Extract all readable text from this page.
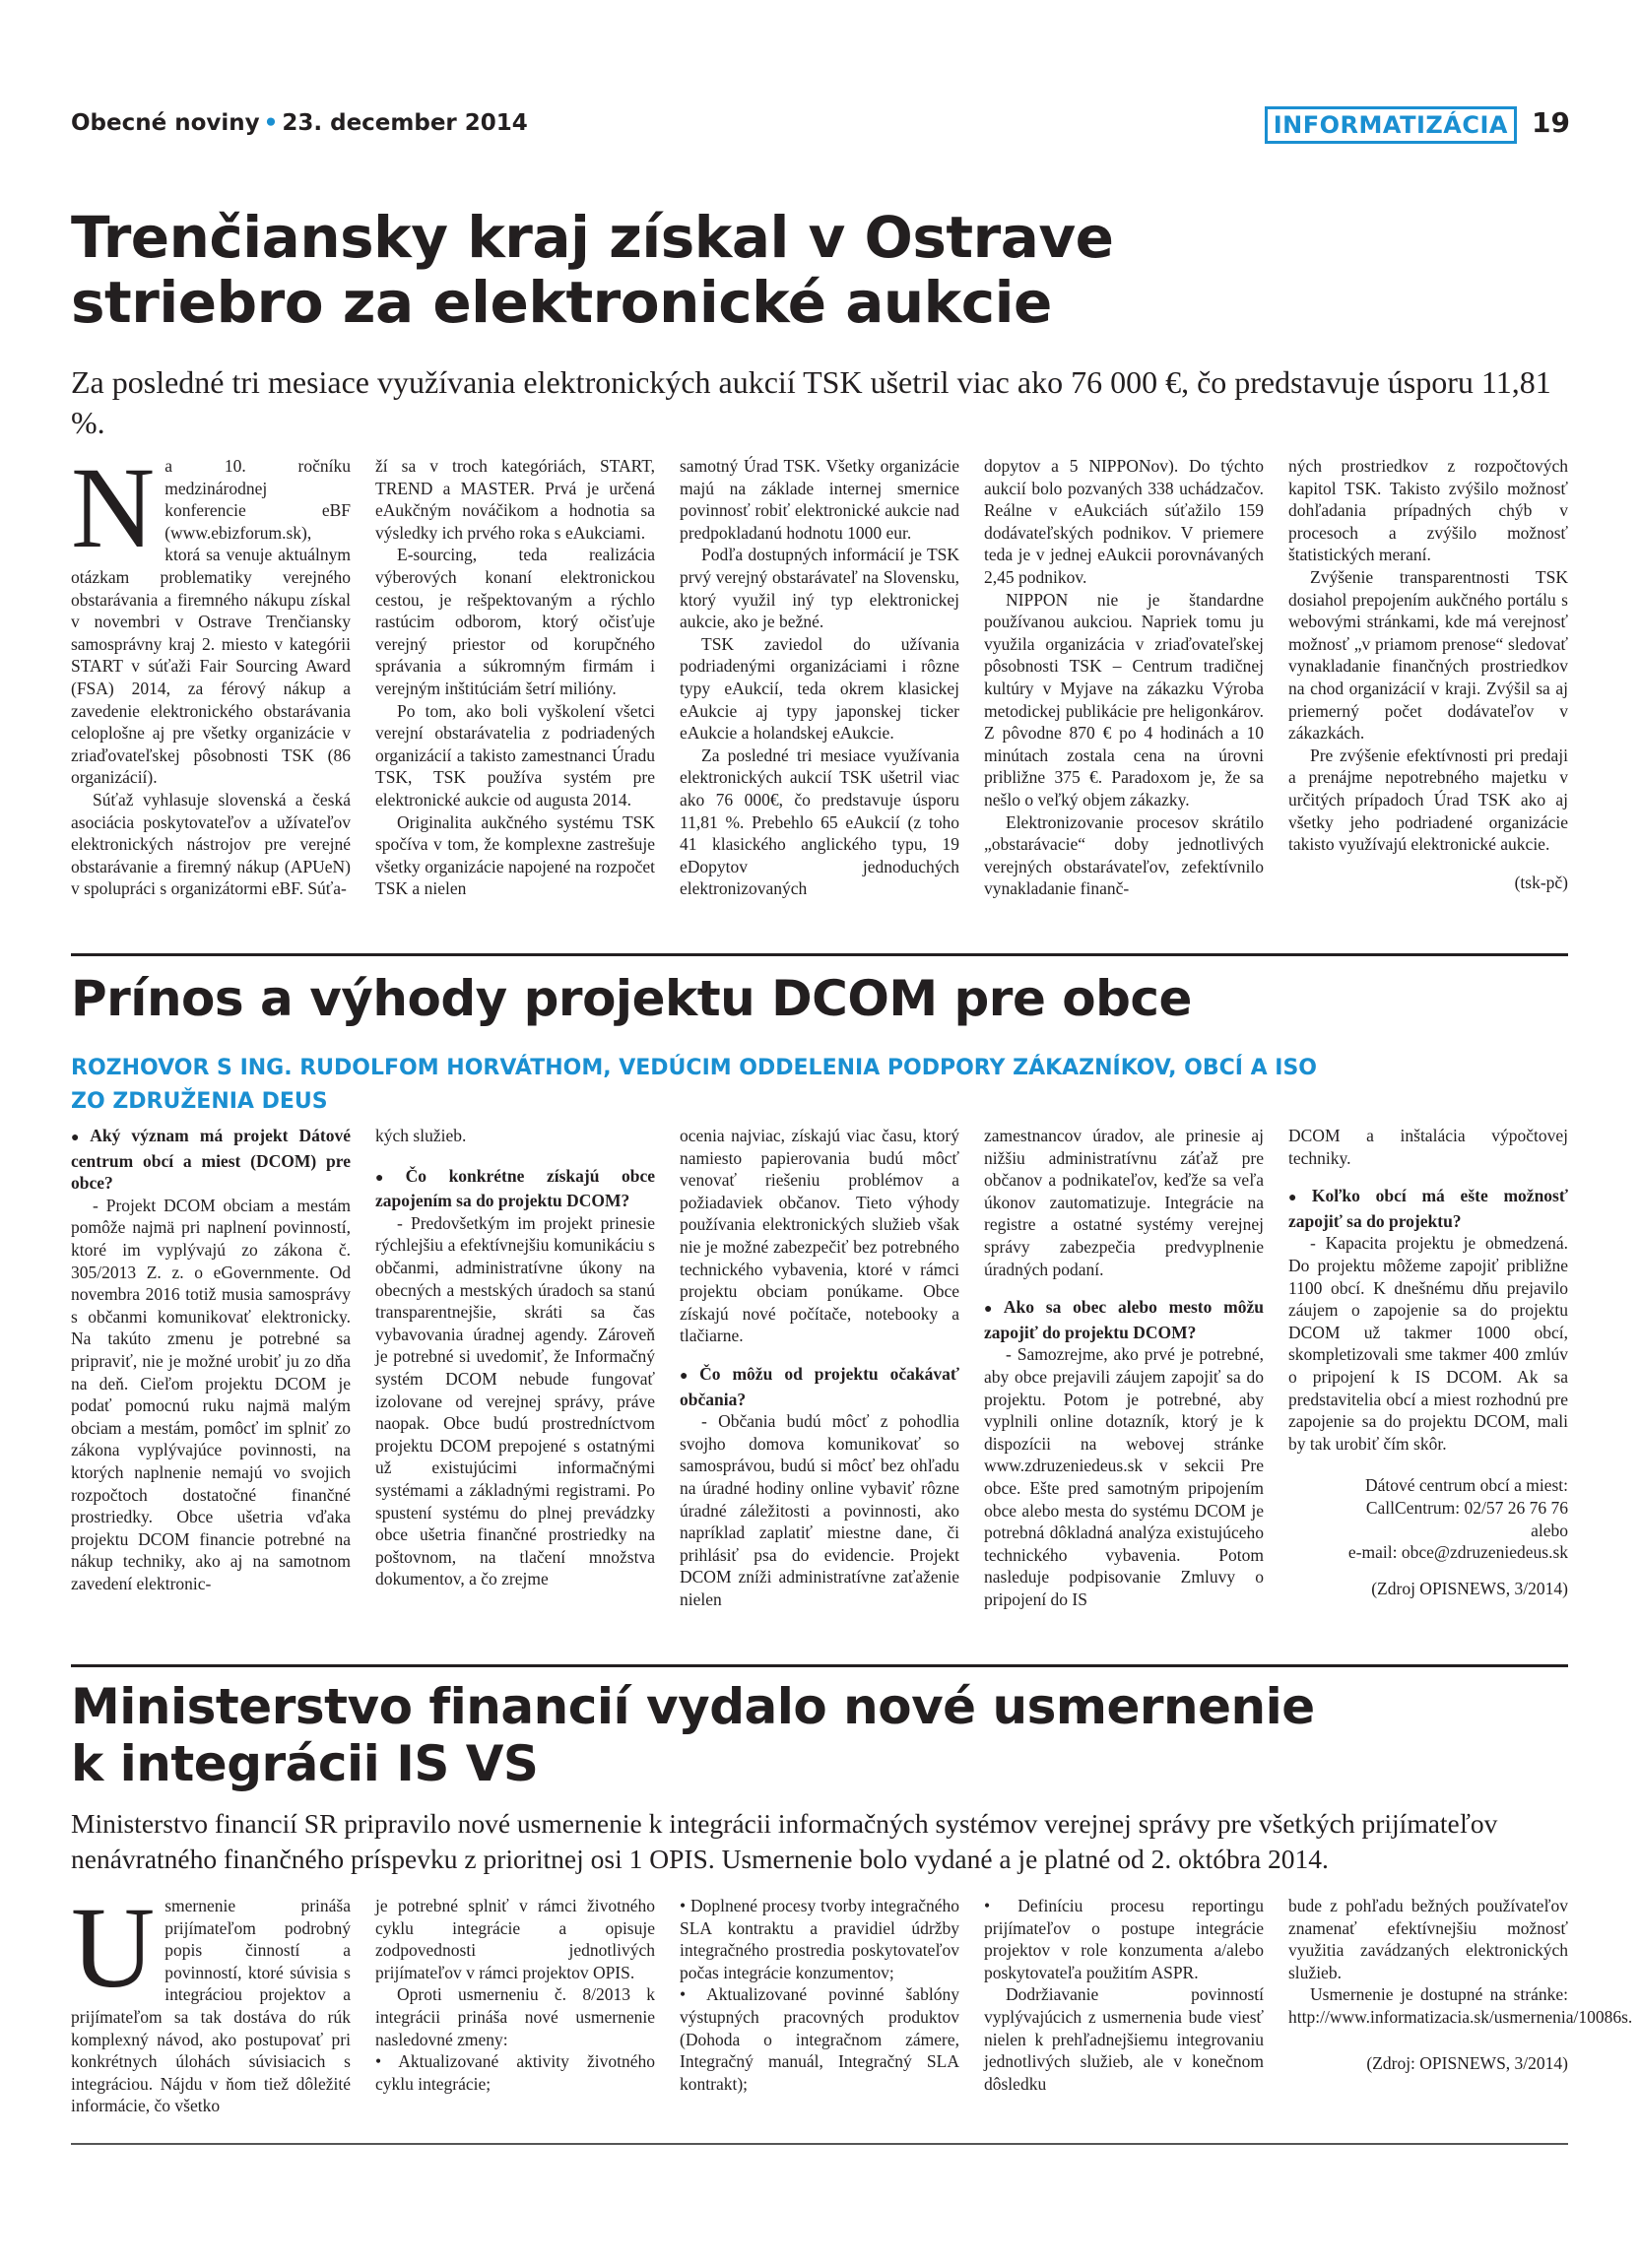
Obecné noviny • 23. december 2014	INFORMATIZÁCIA 19
Trenčiansky kraj získal v Ostrave
striebro za elektronické aukcie

Za posledné tri mesiace využívania elektronických aukcií TSK ušetril viac ako 76 000 €, čo predstavuje úsporu 11,81 %.

N a 10. ročníku medzinárodnej konferencie eBF (www.ebizforum.sk), ktorá sa venuje aktuálnym otázkam problematiky verejného obstarávania a firemného nákupu získal v novembri v Ostrave Trenčiansky samosprávny kraj 2. miesto v kategórii START v súťaži Fair Sourcing Award (FSA) 2014, za férový nákup a zavedenie elektronického obstarávania celoplošne aj pre všetky organizácie v zriaďovateľskej pôsobnosti TSK (86 organizácií).

Súťaž vyhlasuje slovenská a česká asociácia poskytovateľov a užívateľov elektronických nástrojov pre verejné obstarávanie a firemný nákup (APUeN) v spolupráci s organizátormi eBF. Súťa-

ží sa v troch kategóriách, START, TREND a MASTER. Prvá je určená eAukčným nováčikom a hodnotia sa výsledky ich prvého roka s eAukciami.

E-sourcing, teda realizácia výberových konaní elektronickou cestou, je rešpektovaným a rýchlo rastúcim odborom, ktorý očisťuje verejný priestor od korupčného správania a súkromným firmám i verejným inštitúciám šetrí milióny.

Po tom, ako boli vyškolení všetci verejní obstarávatelia z podriadených organizácií a takisto zamestnanci Úradu TSK, TSK používa systém pre elektronické aukcie od augusta 2014.

Originalita aukčného systému TSK spočíva v tom, že komplexne zastrešuje všetky organizácie napojené na rozpočet TSK a nielen

samotný Úrad TSK. Všetky organizácie majú na základe internej smernice povinnosť robiť elektronické aukcie nad predpokladanú hodnotu 1000 eur.

Podľa dostupných informácií je TSK prvý verejný obstarávateľ na Slovensku, ktorý využil iný typ elektronickej aukcie, ako je bežné.

TSK zaviedol do užívania podriadenými organizáciami i rôzne typy eAukcií, teda okrem klasickej eAukcie aj typy japonskej ticker eAukcie a holandskej eAukcie.

Za posledné tri mesiace využívania elektronických aukcií TSK ušetril viac ako 76 000€, čo predstavuje úsporu 11,81 %. Prebehlo 65 eAukcií (z toho 41 klasického anglického typu, 19 eDopytov jednoduchých elektronizovaných

dopytov a 5 NIPPONov). Do týchto aukcií bolo pozvaných 338 uchádzačov. Reálne v eAukciách súťažilo 159 dodávateľských podnikov. V priemere teda je v jednej eAukcii porovnávaných 2,45 podnikov.

NIPPON nie je štandardne používanou aukciou. Napriek tomu ju využila organizácia v zriaďovateľskej pôsobnosti TSK – Centrum tradičnej kultúry v Myjave na zákazku Výroba metodickej publikácie pre heligonkárov. Z pôvodne 870 € po 4 hodinách a 10 minútach zostala cena na úrovni približne 375 €. Paradoxom je, že sa nešlo o veľký objem zákazky.

Elektronizovanie procesov skrátilo „obstarávacie“ doby jednotlivých verejných obstarávateľov, zefektívnilo vynakladanie finanč-

ných prostriedkov z rozpočtových kapitol TSK. Takisto zvýšilo možnosť dohľadania prípadných chýb v procesoch a zvýšilo možnosť štatistických meraní.

Zvýšenie transparentnosti TSK dosiahol prepojením aukčného portálu s webovými stránkami, kde má verejnosť možnosť „v priamom prenose“ sledovať vynakladanie finančných prostriedkov na chod organizácií v kraji. Zvýšil sa aj priemerný počet dodávateľov v zákazkách.

Pre zvýšenie efektívnosti pri predaji a prenájme nepotrebného majetku v určitých prípadoch Úrad TSK ako aj všetky jeho podriadené organizácie takisto využívajú elektronické aukcie.

(tsk-pč)

Prínos a výhody projektu DCOM pre obce

ROZHOVOR S ING. RUDOLFOM HORVÁTHOM, VEDÚCIM ODDELENIA PODPORY ZÁKAZNÍKOV, OBCÍ A ISO
ZO ZDRUŽENIA DEUS

● Aký význam má projekt Dátové centrum obcí a miest (DCOM) pre obce?

- Projekt DCOM obciam a mestám pomôže najmä pri naplnení povinností, ktoré im vyplývajú zo zákona č. 305/2013 Z. z. o eGovernmente. Od novembra 2016 totiž musia samosprávy s občanmi komunikovať elektronicky. Na takúto zmenu je potrebné sa pripraviť, nie je možné urobiť ju zo dňa na deň. Cieľom projektu DCOM je podať pomocnú ruku najmä malým obciam a mestám, pomôcť im splniť zo zákona vyplývajúce povinnosti, na ktorých naplnenie nemajú vo svojich rozpočtoch dostatočné finančné prostriedky. Obce ušetria vďaka projektu DCOM financie potrebné na nákup techniky, ako aj na samotnom zavedení elektronic-

kých služieb.

● Čo konkrétne získajú obce zapojením sa do projektu DCOM?

- Predovšetkým im projekt prinesie rýchlejšiu a efektívnejšiu komunikáciu s občanmi, administratívne úkony na obecných a mestských úradoch sa stanú transparentnejšie, skráti sa čas vybavovania úradnej agendy. Zároveň je potrebné si uvedomiť, že Informačný systém DCOM nebude fungovať izolovane od verejnej správy, práve naopak. Obce budú prostredníctvom projektu DCOM prepojené s ostatnými už existujúcimi informačnými systémami a základnými registrami. Po spustení systému do plnej prevádzky obce ušetria finančné prostriedky na poštovnom, na tlačení množstva dokumentov, a čo zrejme

ocenia najviac, získajú viac času, ktorý namiesto papierovania budú môcť venovať riešeniu problémov a požiadaviek občanov. Tieto výhody používania elektronických služieb však nie je možné zabezpečiť bez potrebného technického vybavenia, ktoré v rámci projektu obciam ponúkame. Obce získajú nové počítače, notebooky a tlačiarne.

● Čo môžu od projektu očakávať občania?

- Občania budú môcť z pohodlia svojho domova komunikovať so samosprávou, budú si môcť bez ohľadu na úradné hodiny online vybaviť rôzne úradné záležitosti a povinnosti, ako napríklad zaplatiť miestne dane, či prihlásiť psa do evidencie. Projekt DCOM zníži administratívne zaťaženie nielen

zamestnancov úradov, ale prinesie aj nižšiu administratívnu záťaž pre občanov a podnikateľov, keďže sa veľa úkonov zautomatizuje. Integrácie na registre a ostatné systémy verejnej správy zabezpečia predvyplnenie úradných podaní.

● Ako sa obec alebo mesto môžu zapojiť do projektu DCOM?

- Samozrejme, ako prvé je potrebné, aby obce prejavili záujem zapojiť sa do projektu. Potom je potrebné, aby vyplnili online dotazník, ktorý je k dispozícii na webovej stránke www.zdruzeniedeus.sk v sekcii Pre obce. Ešte pred samotným pripojením obce alebo mesta do systému DCOM je potrebná dôkladná analýza existujúceho technického vybavenia. Potom nasleduje podpisovanie Zmluvy o pripojení do IS

DCOM a inštalácia výpočtovej techniky.

● Koľko obcí má ešte možnosť zapojiť sa do projektu?

- Kapacita projektu je obmedzená. Do projektu môžeme zapojiť približne 1100 obcí. K dnešnému dňu prejavilo záujem o zapojenie sa do projektu DCOM už takmer 1000 obcí, skompletizovali sme takmer 400 zmlúv o pripojení k IS DCOM. Ak sa predstavitelia obcí a miest rozhodnú pre zapojenie sa do projektu DCOM, mali by tak urobiť čím skôr.

Dátové centrum obcí a miest:

CallCentrum: 02/57 26 76 76

alebo

e-mail: obce@zdruzeniedeus.sk

(Zdroj OPISNEWS, 3/2014)

Ministerstvo financií vydalo nové usmernenie
k integrácii IS VS

Ministerstvo financií SR pripravilo nové usmernenie k integrácii informačných systémov verejnej správy pre všetkých prijímateľov nenávratného finančného príspevku z prioritnej osi 1 OPIS. Usmernenie bolo vydané a je platné od 2. októbra 2014.

U smernenie prináša prijímateľom podrobný popis činností a povinností, ktoré súvisia s integráciou projektov a prijímateľom sa tak dostáva do rúk komplexný návod, ako postupovať pri konkrétnych úlohách súvisiacich s integráciou. Nájdu v ňom tiež dôležité informácie, čo všetko

je potrebné splniť v rámci životného cyklu integrácie a opisuje zodpovednosti jednotlivých prijímateľov v rámci projektov OPIS.

Oproti usmerneniu č. 8/2013 k integrácii prináša nové usmernenie nasledovné zmeny:

• Aktualizované aktivity životného cyklu integrácie;

• Doplnené procesy tvorby integračného SLA kontraktu a pravidiel údržby integračného prostredia poskytovateľov počas integrácie konzumentov;

• Aktualizované povinné šablóny výstupných pracovných produktov (Dohoda o integračnom zámere, Integračný manuál, Integračný SLA kontrakt);

• Definíciu procesu reportingu prijímateľov o postupe integrácie projektov v role konzumenta a/alebo poskytovateľa použitím ASPR.

Dodržiavanie povinností vyplývajúcich z usmernenia bude viesť nielen k prehľadnejšiemu integrovaniu jednotlivých služieb, ale v konečnom dôsledku

bude z pohľadu bežných používateľov znamenať efektívnejšiu možnosť využitia zavádzaných elektronických služieb.

Usmernenie je dostupné na stránke: http://www.informatizacia.sk/usmernenia/10086s.

(Zdroj: OPISNEWS, 3/2014)
